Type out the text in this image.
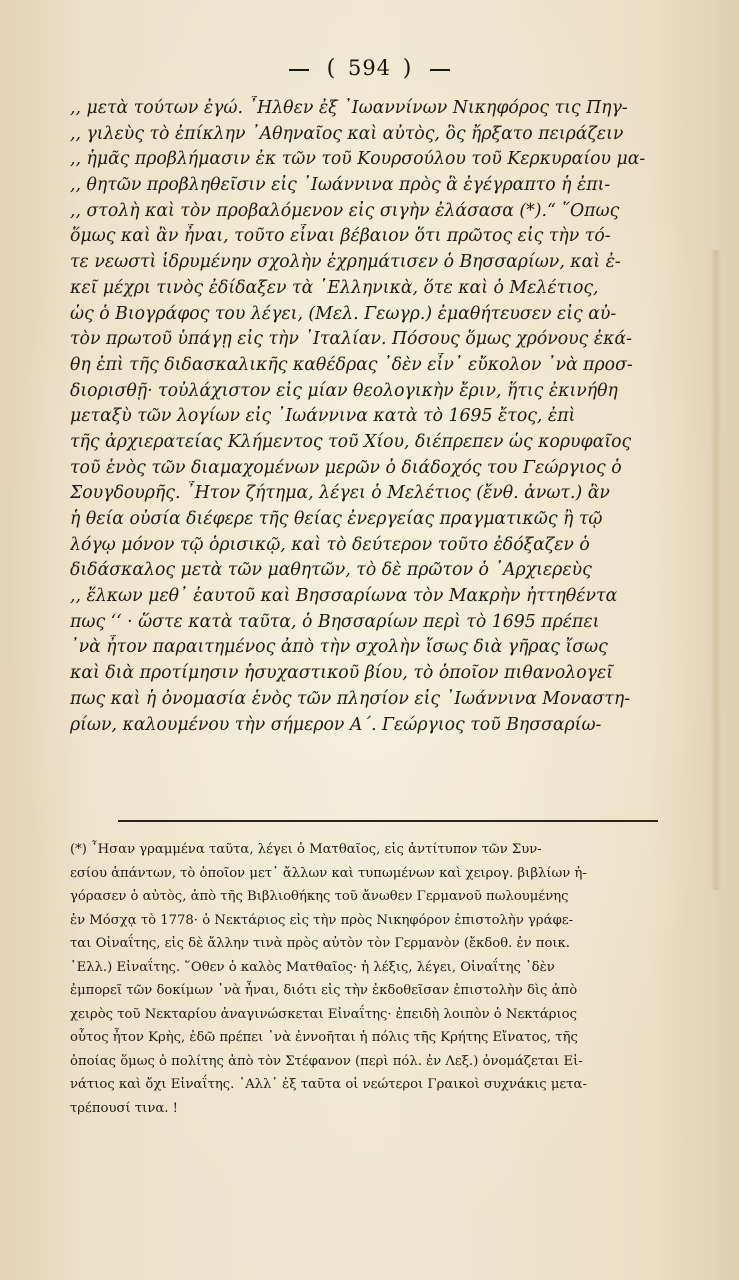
( 594 )
,, μετὰ τούτων ἐγώ. ῏Ηλθεν ἐξ ᾿Ιωαννίνων Νικηφόρος τις Πηγ-
,, γιλεὺς τὸ ἐπίκλην ᾿Αθηναῖος καὶ αὐτὸς, ὃς ἤρξατο πειράζειν
,, ἡμᾶς προβλήμασιν ἐκ τῶν τοῦ Κουρσούλου τοῦ Κερκυραίου μα-
,, θητῶν προβληθεῖσιν εἰς ᾿Ιωάννινα πρὸς ἃ ἐγέγραπτο ἡ ἐπι-
,, στολὴ καὶ τὸν προβαλόμενον εἰς σιγὴν ἐλάσασα (*).“ ῞Οπως
ὅμως καὶ ἂν ἦναι, τοῦτο εἶναι βέβαιον ὅτι πρῶτος εἰς τὴν τό-
τε νεωστὶ ἱδρυμένην σχολὴν ἐχρημάτισεν ὁ Βησσαρίων, καὶ ἐ-
κεῖ μέχρι τινὸς ἐδίδαξεν τὰ ῾Ελληνικὰ, ὅτε καὶ ὁ Μελέτιος,
ὡς ὁ Βιογράφος του λέγει, (Μελ. Γεωγρ.) ἐμαθήτευσεν εἰς αὐ-
τὸν πρωτοῦ ὑπάγῃ εἰς τὴν ᾿Ιταλίαν. Πόσους ὅμως χρόνους ἐκά-
θη ἐπὶ τῆς διδασκαλικῆς καθέδρας ᾽δὲν εἶν᾽ εὔκολον ᾽νὰ προσ-
διορισθῇ· τοὐλάχιστον εἰς μίαν θεολογικὴν ἔριν, ἥτις ἐκινήθη
μεταξὺ τῶν λογίων εἰς ᾿Ιωάννινα κατὰ τὸ 1695 ἔτος, ἐπὶ
τῆς ἀρχιερατείας Κλήμεντος τοῦ Χίου, διέπρεπεν ὡς κορυφαῖος
τοῦ ἑνὸς τῶν διαμαχομένων μερῶν ὁ διάδοχός του Γεώργιος ὁ
Σουγδουρῆς. ῏Ητον ζήτημα, λέγει ὁ Μελέτιος (ἔνθ. ἀνωτ.) ἂν
ἡ θεία οὐσία διέφερε τῆς θείας ἐνεργείας πραγματικῶς ἢ τῷ
λόγῳ μόνον τῷ ὁρισικῷ, καὶ τὸ δεύτερον τοῦτο ἐδόξαζεν ὁ
διδάσκαλος μετὰ τῶν μαθητῶν, τὸ δὲ πρῶτον ὁ ᾿Αρχιερεὺς
,, ἕλκων μεθ᾽ ἑαυτοῦ καὶ Βησσαρίωνα τὸν Μακρὴν ἠττηθέντα
πως ‘‘ · ὥστε κατὰ ταῦτα, ὁ Βησσαρίων περὶ τὸ 1695 πρέπει
᾽νὰ ἦτον παραιτημένος ἀπὸ τὴν σχολὴν ἴσως διὰ γῆρας ἴσως
καὶ διὰ προτίμησιν ἡσυχαστικοῦ βίου, τὸ ὁποῖον πιθανολογεῖ
πως καὶ ἡ ὀνομασία ἑνὸς τῶν πλησίον εἰς ᾿Ιωάννινα Μοναστη-
ρίων, καλουμένου τὴν σήμερον Α΄. Γεώργιος τοῦ Βησσαρίω-
(*) ῏Ησαν γραμμένα ταῦτα, λέγει ὁ Ματθαῖος, εἰς ἀντίτυπον τῶν Συν-
εσίου ἁπάντων, τὸ ὁποῖον μετ᾽ ἄλλων καὶ τυπωμένων καὶ χειρογ. βιβλίων ἠ-
γόρασεν ὁ αὐτὸς, ἀπὸ τῆς Βιβλιοθήκης τοῦ ἄνωθεν Γερμανοῦ πωλουμένης
ἐν Μόσχᾳ τὸ 1778· ὁ Νεκτάριος εἰς τὴν πρὸς Νικηφόρον ἐπιστολὴν γράφε-
ται Οἰναΐτης, εἰς δὲ ἄλλην τινὰ πρὸς αὐτὸν τὸν Γερμανὸν (ἔκδοθ. ἐν ποικ.
῾Ελλ.) Εἰναΐτης. ῞Οθεν ὁ καλὸς Ματθαῖος· ἡ λέξις, λέγει, Οἰναΐτης ᾽δὲν
ἐμπορεῖ τῶν δοκίμων ᾽νὰ ἦναι, διότι εἰς τὴν ἐκδοθεῖσαν ἐπιστολὴν δὶς ἀπὸ
χειρὸς τοῦ Νεκταρίου ἀναγινώσκεται Εἰναΐτης· ἐπειδὴ λοιπὸν ὁ Νεκτάριος
οὗτος ἦτον Κρὴς, ἐδῶ πρέπει ᾽νὰ ἐννοῆται ἡ πόλις τῆς Κρήτης Εἴνατος, τῆς
ὁποίας ὅμως ὁ πολίτης ἀπὸ τὸν Στέφανον (περὶ πόλ. ἐν Λεξ.) ὀνομάζεται Εἰ-
νάτιος καὶ ὄχι Εἰναΐτης. ᾽Αλλ᾽ ἐξ ταῦτα οἱ νεώτεροι Γραικοὶ συχνάκις μετα-
τρέπουσί τινα. !
